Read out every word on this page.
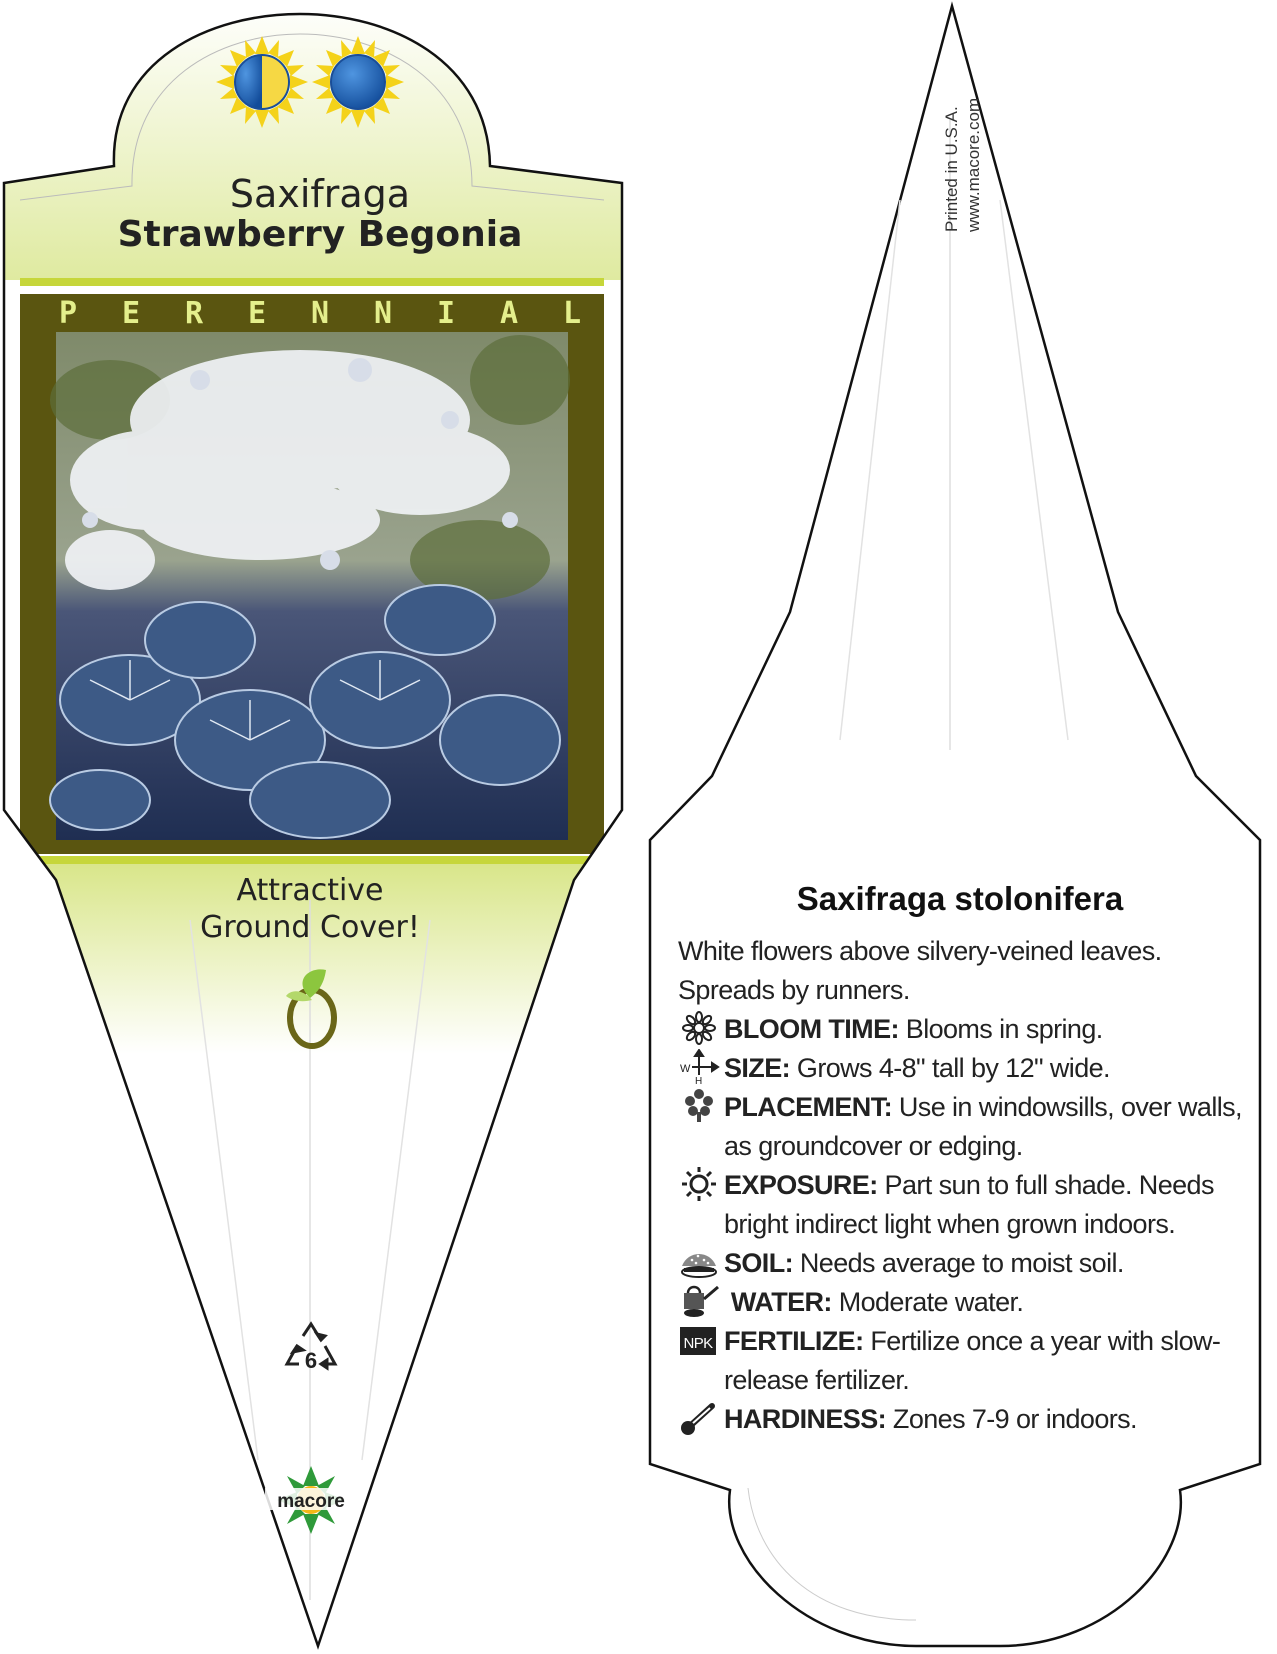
Saxifraga
Strawberry Begonia
P E R E N N I A L
Attractive
Ground Cover!
6
macore
Printed in U.S.A. www.macore.com
Saxifraga stolonifera
White flowers above silvery-veined leaves. Spreads by runners.
BLOOM TIME: Blooms in spring.
W
H SIZE: Grows 4-8" tall by 12" wide.
PLACEMENT: Use in windowsills, over walls, as groundcover or edging.
EXPOSURE: Part sun to full shade. Needs bright indirect light when grown indoors.
SOIL: Needs average to moist soil.
WATER: Moderate water.
NPK FERTILIZE: Fertilize once a year with slow-release fertilizer.
HARDINESS: Zones 7-9 or indoors.
